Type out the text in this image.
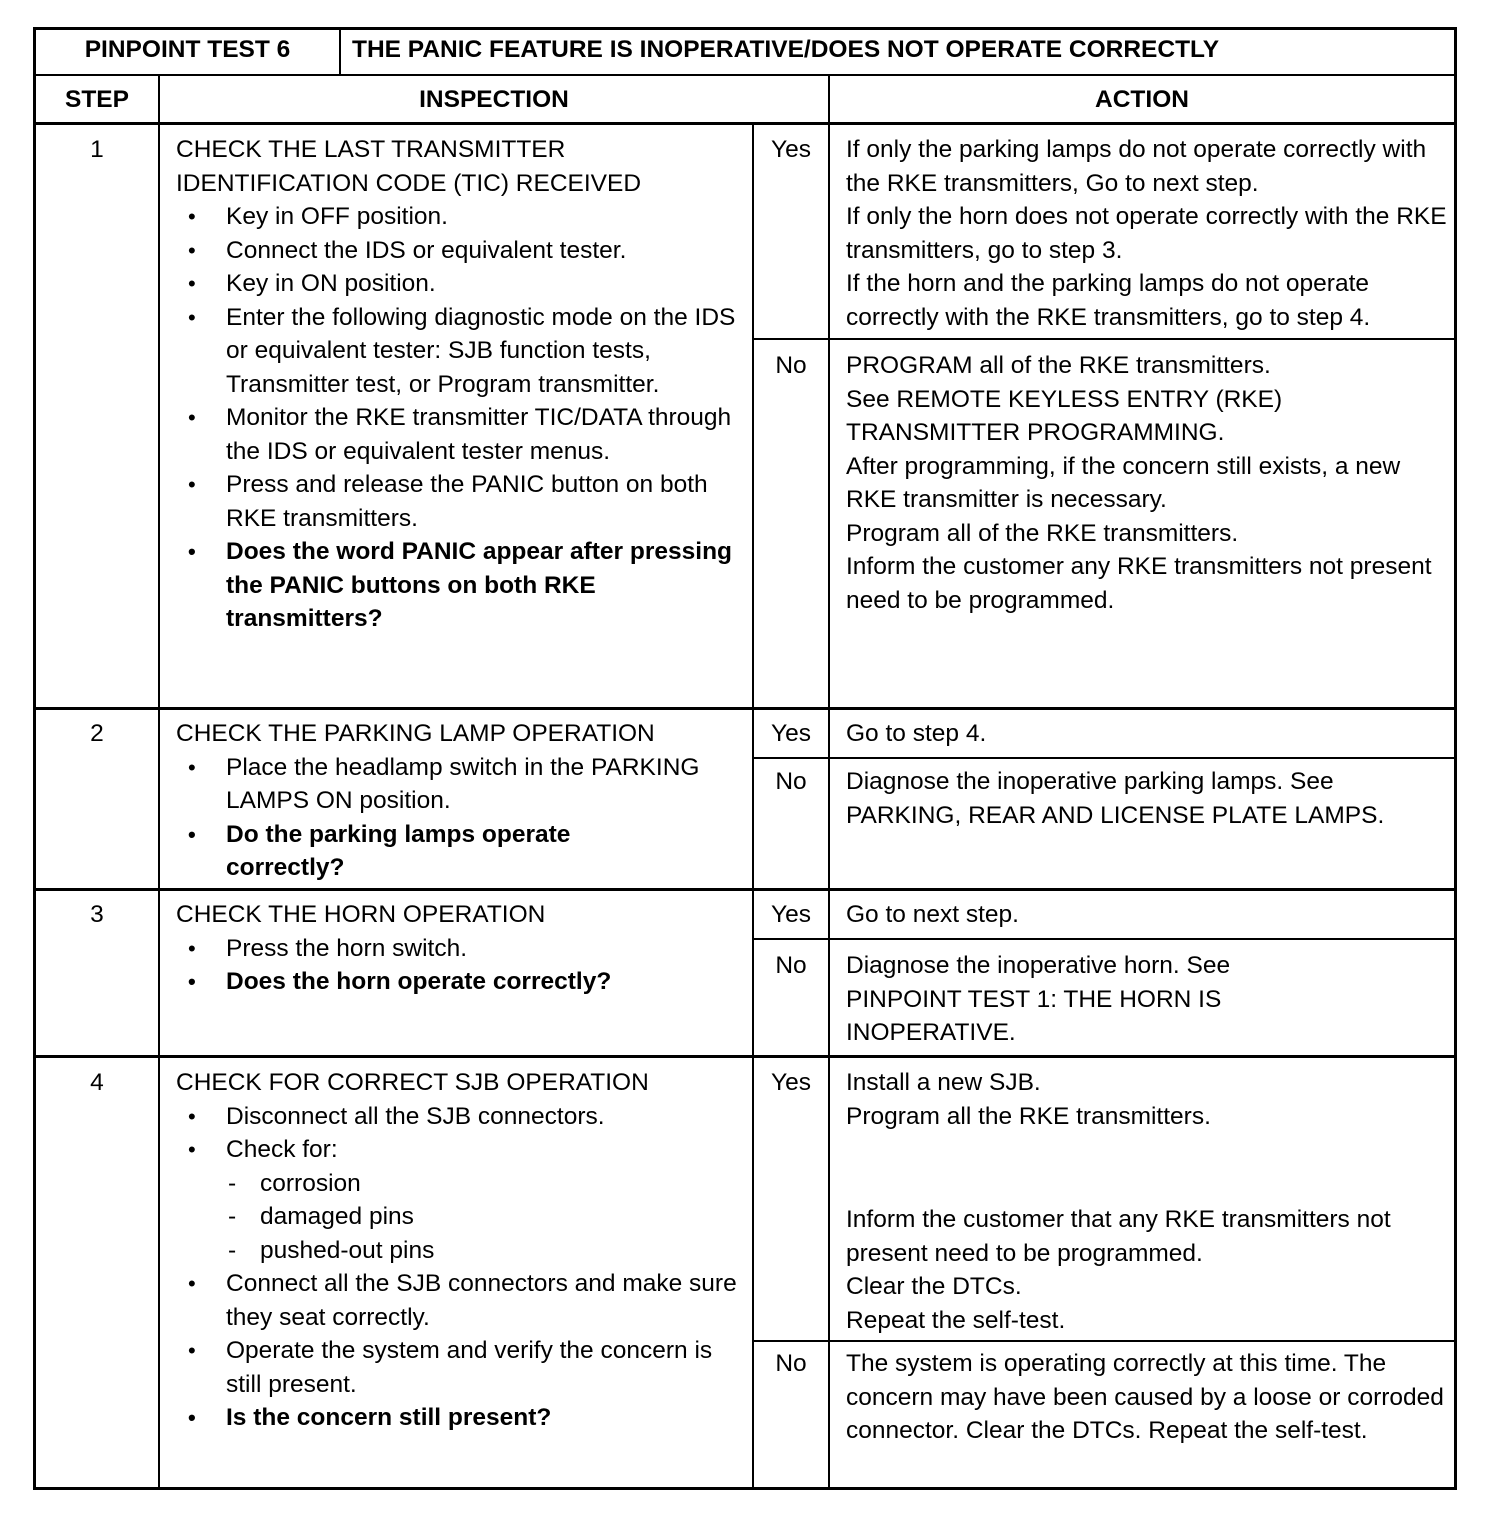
PINPOINT TEST 6	THE PANIC FEATURE IS INOPERATIVE/DOES NOT OPERATE CORRECTLY
STEP	INSPECTION	ACTION
1	CHECK THE LAST TRANSMITTER IDENTIFICATION CODE (TIC) RECEIVED
• Key in OFF position.
• Connect the IDS or equivalent tester.
• Key in ON position.
• Enter the following diagnostic mode on the IDS or equivalent tester: SJB function tests, Transmitter test, or Program transmitter.
• Monitor the RKE transmitter TIC/DATA through the IDS or equivalent tester menus.
• Press and release the PANIC button on both RKE transmitters.
• Does the word PANIC appear after pressing the PANIC buttons on both RKE transmitters?
Yes	If only the parking lamps do not operate correctly with the RKE transmitters, Go to next step.
If only the horn does not operate correctly with the RKE transmitters, go to step 3.
If the horn and the parking lamps do not operate correctly with the RKE transmitters, go to step 4.
No	PROGRAM all of the RKE transmitters.
See REMOTE KEYLESS ENTRY (RKE) TRANSMITTER PROGRAMMING.
After programming, if the concern still exists, a new RKE transmitter is necessary.
Program all of the RKE transmitters.
Inform the customer any RKE transmitters not present need to be programmed.
2	CHECK THE PARKING LAMP OPERATION
• Place the headlamp switch in the PARKING LAMPS ON position.
• Do the parking lamps operate correctly?
Yes	Go to step 4.
No	Diagnose the inoperative parking lamps. See PARKING, REAR AND LICENSE PLATE LAMPS.
3	CHECK THE HORN OPERATION
• Press the horn switch.
• Does the horn operate correctly?
Yes	Go to next step.
No	Diagnose the inoperative horn. See PINPOINT TEST 1: THE HORN IS INOPERATIVE.
4	CHECK FOR CORRECT SJB OPERATION
• Disconnect all the SJB connectors.
• Check for:
- corrosion
- damaged pins
- pushed-out pins
• Connect all the SJB connectors and make sure they seat correctly.
• Operate the system and verify the concern is still present.
• Is the concern still present?
Yes	Install a new SJB.
Program all the RKE transmitters.
Inform the customer that any RKE transmitters not present need to be programmed.
Clear the DTCs.
Repeat the self-test.
No	The system is operating correctly at this time. The concern may have been caused by a loose or corroded connector. Clear the DTCs. Repeat the self-test.
